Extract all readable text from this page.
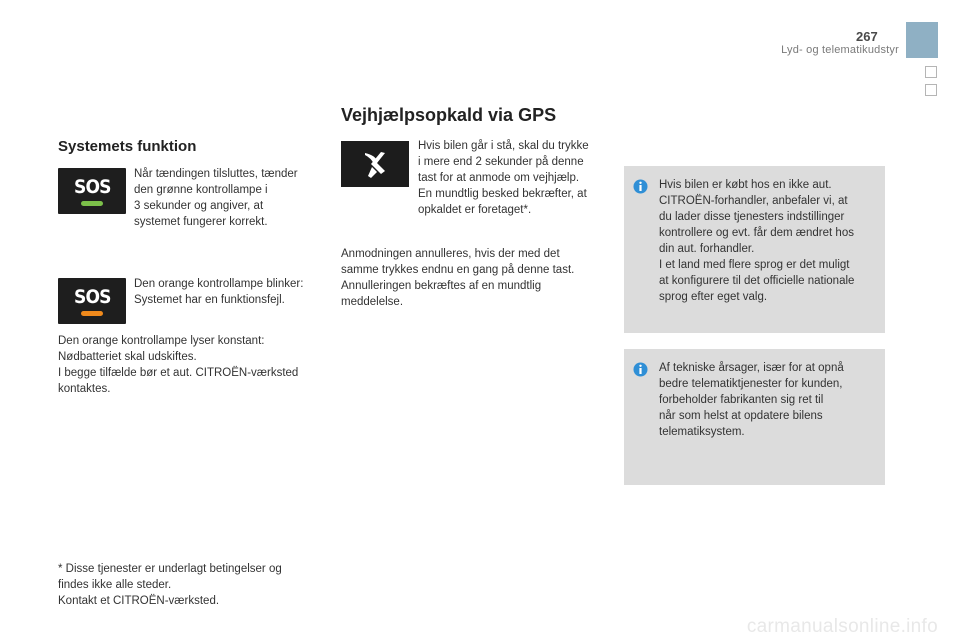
267
Lyd- og telematikudstyr
Vejhjælpsopkald via GPS

Hvis bilen går i stå, skal du trykke
i mere end 2 sekunder på denne
tast for at anmode om vejhjælp.
En mundtlig besked bekræfter, at
opkaldet er foretaget*.

Anmodningen annulleres, hvis der med det
samme trykkes endnu en gang på denne tast.
Annulleringen bekræftes af en mundtlig
meddelelse.

Systemets funktion
SOS

Når tændingen tilsluttes, tænder
den grønne kontrollampe i
3 sekunder og angiver, at
systemet fungerer korrekt.

SOS

Den orange kontrollampe blinker:
Systemet har en funktionsfejl.

Den orange kontrollampe lyser konstant:
Nødbatteriet skal udskiftes.
I begge tilfælde bør et aut. CITROËN-værksted
kontaktes.

* Disse tjenester er underlagt betingelser og
findes ikke alle steder.
Kontakt et CITROËN-værksted.

Hvis bilen er købt hos en ikke aut.
CITROËN-forhandler, anbefaler vi, at
du lader disse tjenesters indstillinger
kontrollere og evt. får dem ændret hos
din aut. forhandler.
I et land med flere sprog er det muligt
at konfigurere til det officielle nationale
sprog efter eget valg.

Af tekniske årsager, især for at opnå
bedre telematiktjenester for kunden,
forbeholder fabrikanten sig ret til
når som helst at opdatere bilens
telematiksystem.

carmanualsonline.info
